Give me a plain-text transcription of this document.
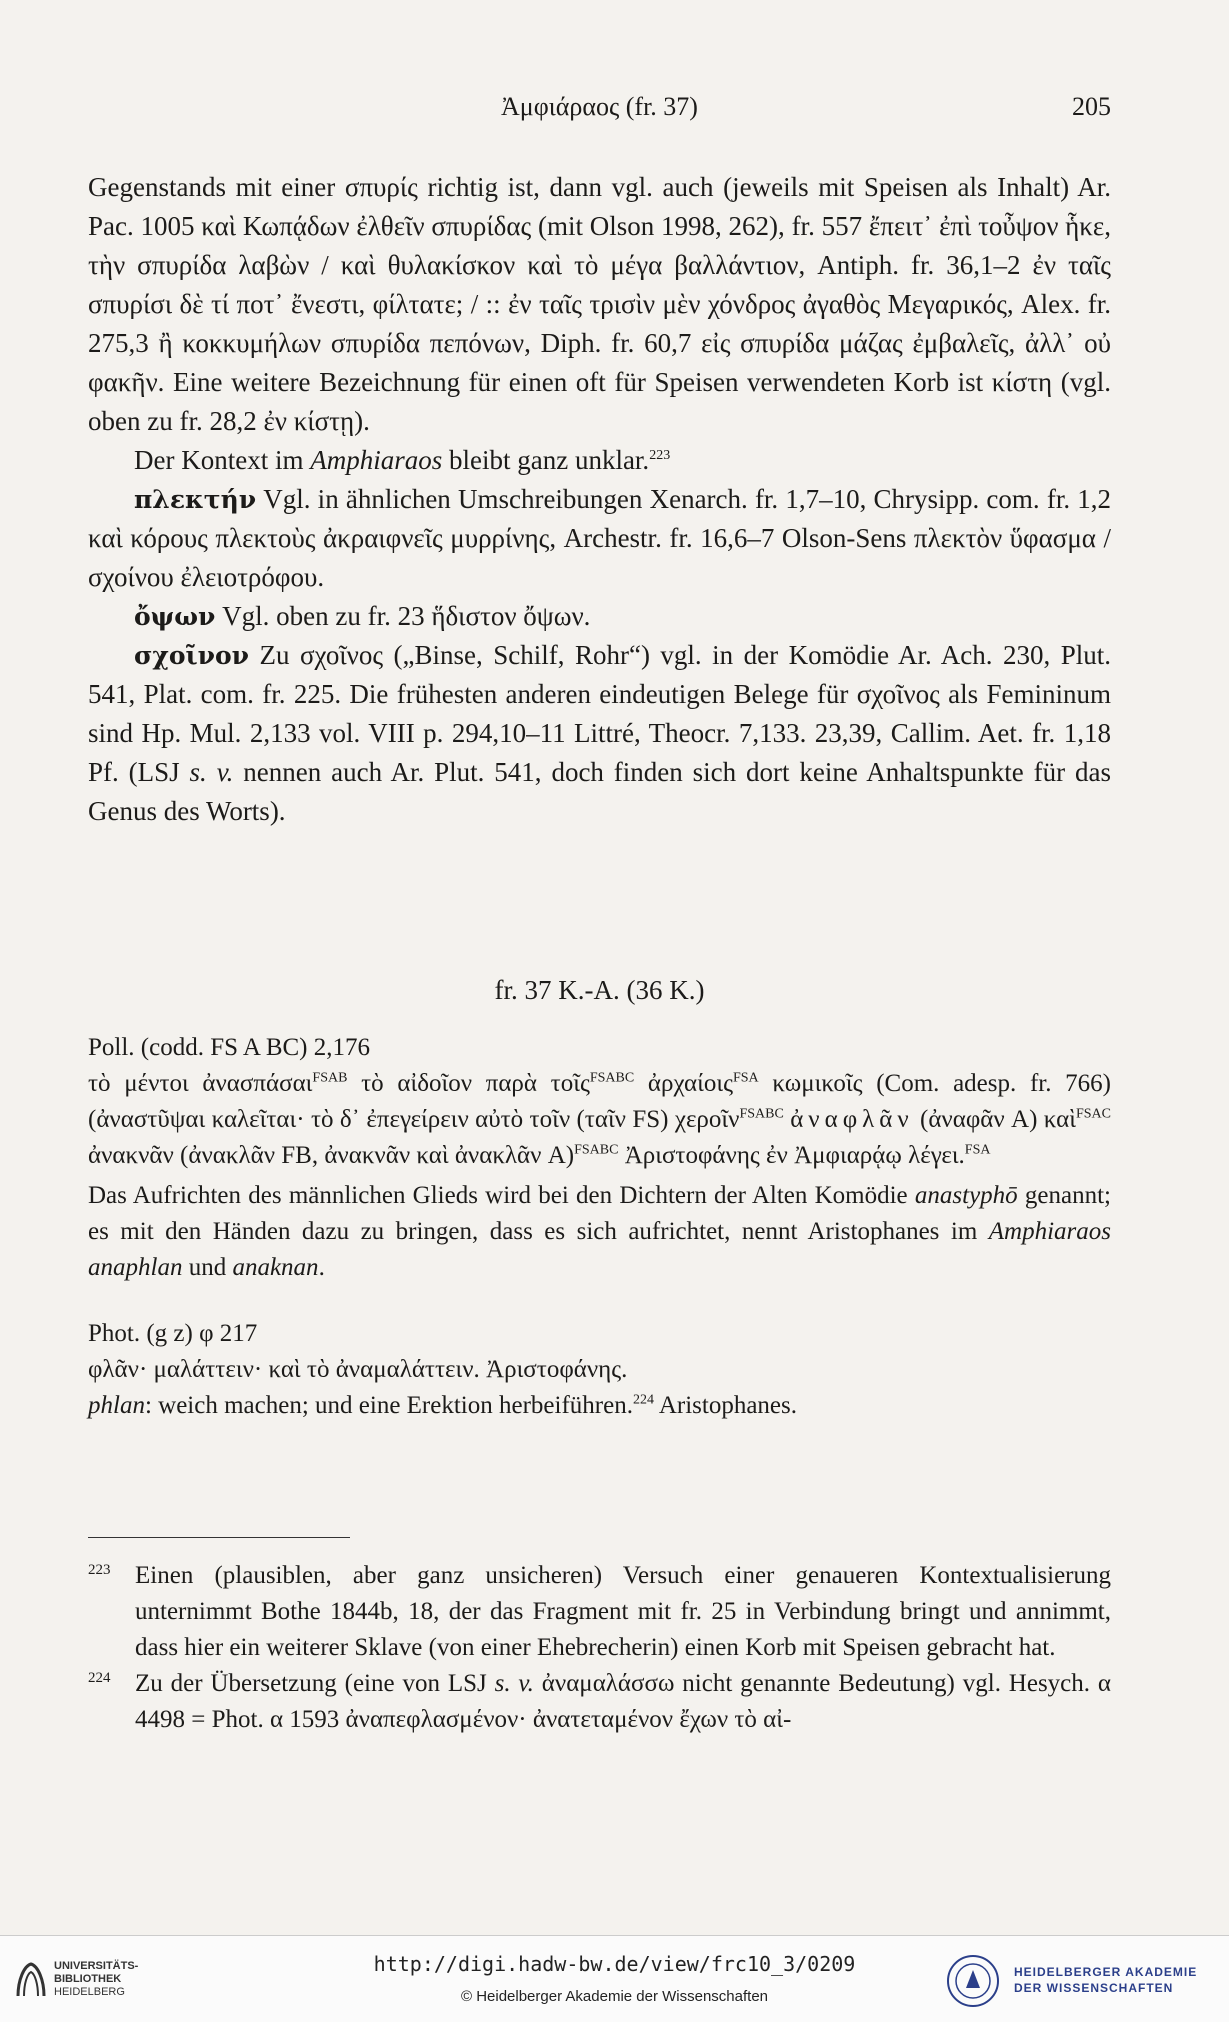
Ἀμφιάραος (fr. 37)	205

Gegenstands mit einer σπυρίς richtig ist, dann vgl. auch (jeweils mit Speisen als Inhalt) Ar. Pac. 1005 καὶ Κωπᾴδων ἐλθεῖν σπυρίδας (mit Olson 1998, 262), fr. 557 ἔπειτ᾽ ἐπὶ τοὖψον ἧκε, τὴν σπυρίδα λαβὼν / καὶ θυλακίσκον καὶ τὸ μέγα βαλλάντιον, Antiph. fr. 36,1–2 ἐν ταῖς σπυρίσι δὲ τί ποτ᾽ ἔνεστι, φίλτατε; / :: ἐν ταῖς τρισὶν μὲν χόνδρος ἀγαθὸς Μεγαρικός, Alex. fr. 275,3 ἢ κοκκυμήλων σπυρίδα πεπόνων, Diph. fr. 60,7 εἰς σπυρίδα μάζας ἐμβαλεῖς, ἀλλ᾽ οὐ φακῆν. Eine weitere Bezeichnung für einen oft für Speisen verwendeten Korb ist κίστη (vgl. oben zu fr. 28,2 ἐν κίστῃ).

Der Kontext im Amphiaraos bleibt ganz unklar.$^{223}$

πλεκτήν Vgl. in ähnlichen Umschreibungen Xenarch. fr. 1,7–10, Chrysipp. com. fr. 1,2 καὶ κόρους πλεκτοὺς ἀκραιφνεῖς μυρρίνης, Archestr. fr. 16,6–7 Olson-Sens πλεκτὸν ὕφασμα / σχοίνου ἐλειοτρόφου.

ὄψων Vgl. oben zu fr. 23 ἥδιστον ὄψων.

σχοῖνον Zu σχοῖνος („Binse, Schilf, Rohr“) vgl. in der Komödie Ar. Ach. 230, Plut. 541, Plat. com. fr. 225. Die frühesten anderen eindeutigen Belege für σχοῖνος als Femininum sind Hp. Mul. 2,133 vol. VIII p. 294,10–11 Littré, Theocr. 7,133. 23,39, Callim. Aet. fr. 1,18 Pf. (LSJ s. v. nennen auch Ar. Plut. 541, doch finden sich dort keine Anhaltspunkte für das Genus des Worts).

fr. 37 K.-A. (36 K.)

Poll. (codd. FS A BC) 2,176

τὸ μέντοι ἀνασπάσαι$^{FSAB}$ τὸ αἰδοῖον παρὰ τοῖς$^{FSABC}$ ἀρχαίοις$^{FSA}$ κωμικοῖς (Com. adesp. fr. 766) (ἀναστῦψαι καλεῖται· τὸ δ᾽ ἐπεγείρειν αὐτὸ τοῖν (ταῖν FS) χεροῖν$^{FSABC}$ ἀναφλᾶν (ἀναφᾶν A) καὶ$^{FSAC}$ ἀνακνᾶν (ἀνακλᾶν FB, ἀνακνᾶν καὶ ἀνακλᾶν A)$^{FSABC}$ Ἀριστοφάνης ἐν Ἀμφιαρᾴῳ λέγει.$^{FSA}$

Das Aufrichten des männlichen Glieds wird bei den Dichtern der Alten Komödie anastyphō genannt; es mit den Händen dazu zu bringen, dass es sich aufrichtet, nennt Aristophanes im Amphiaraos anaphlan und anaknan.

Phot. (g z) φ 217

φλᾶν· μαλάττειν· καὶ τὸ ἀναμαλάττειν. Ἀριστοφάνης.

phlan: weich machen; und eine Erektion herbeiführen.$^{224}$ Aristophanes.

223 Einen (plausiblen, aber ganz unsicheren) Versuch einer genaueren Kontextualisierung unternimmt Bothe 1844b, 18, der das Fragment mit fr. 25 in Verbindung bringt und annimmt, dass hier ein weiterer Sklave (von einer Ehebrecherin) einen Korb mit Speisen gebracht hat.
224 Zu der Übersetzung (eine von LSJ s. v. ἀναμαλάσσω nicht genannte Bedeutung) vgl. Hesych. α 4498 = Phot. α 1593 ἀναπεφλασμένον· ἀνατεταμένον ἔχων τὸ αἰ-
UNIVERSITÄTS-
BIBLIOTHEK
HEIDELBERG
http://digi.hadw-bw.de/view/frc10_3/0209
© Heidelberger Akademie der Wissenschaften
HEIDELBERGER AKADEMIE
DER WISSENSCHAFTEN
